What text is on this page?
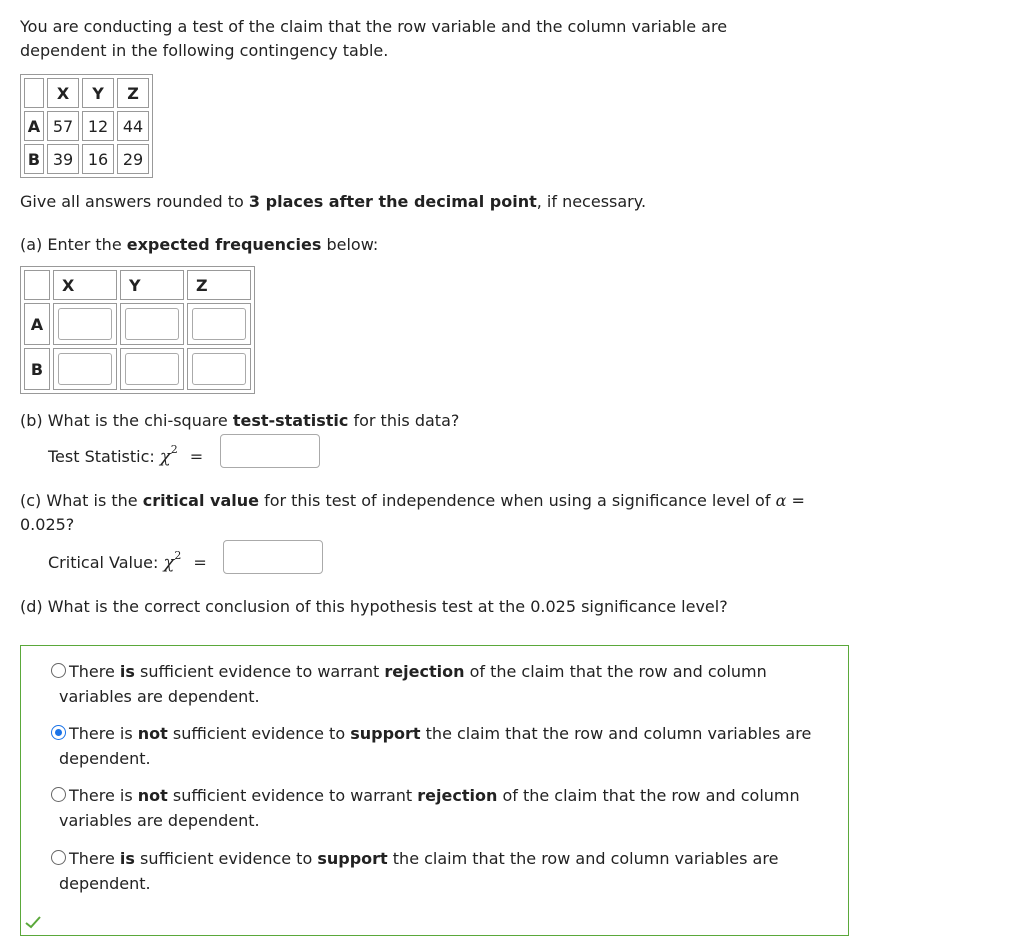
You are conducting a test of the claim that the row variable and the column variable are
dependent in the following contingency table.
	X	Y	Z
A	57	12	44
B	39	16	29
Give all answers rounded to 3 places after the decimal point, if necessary.
(a) Enter the expected frequencies below:
	X	Y	Z
A	

B	

(b) What is the chi-square test-statistic for this data?
Test Statistic: $\chi^2$ =
(c) What is the critical value for this test of independence when using a significance level of α =
0.025?
Critical Value: $\chi^2$ =
(d) What is the correct conclusion of this hypothesis test at the 0.025 significance level?
There is sufficient evidence to warrant rejection of the claim that the row and column
variables are dependent.
There is not sufficient evidence to support the claim that the row and column variables are
dependent.
There is not sufficient evidence to warrant rejection of the claim that the row and column
variables are dependent.
There is sufficient evidence to support the claim that the row and column variables are
dependent.
